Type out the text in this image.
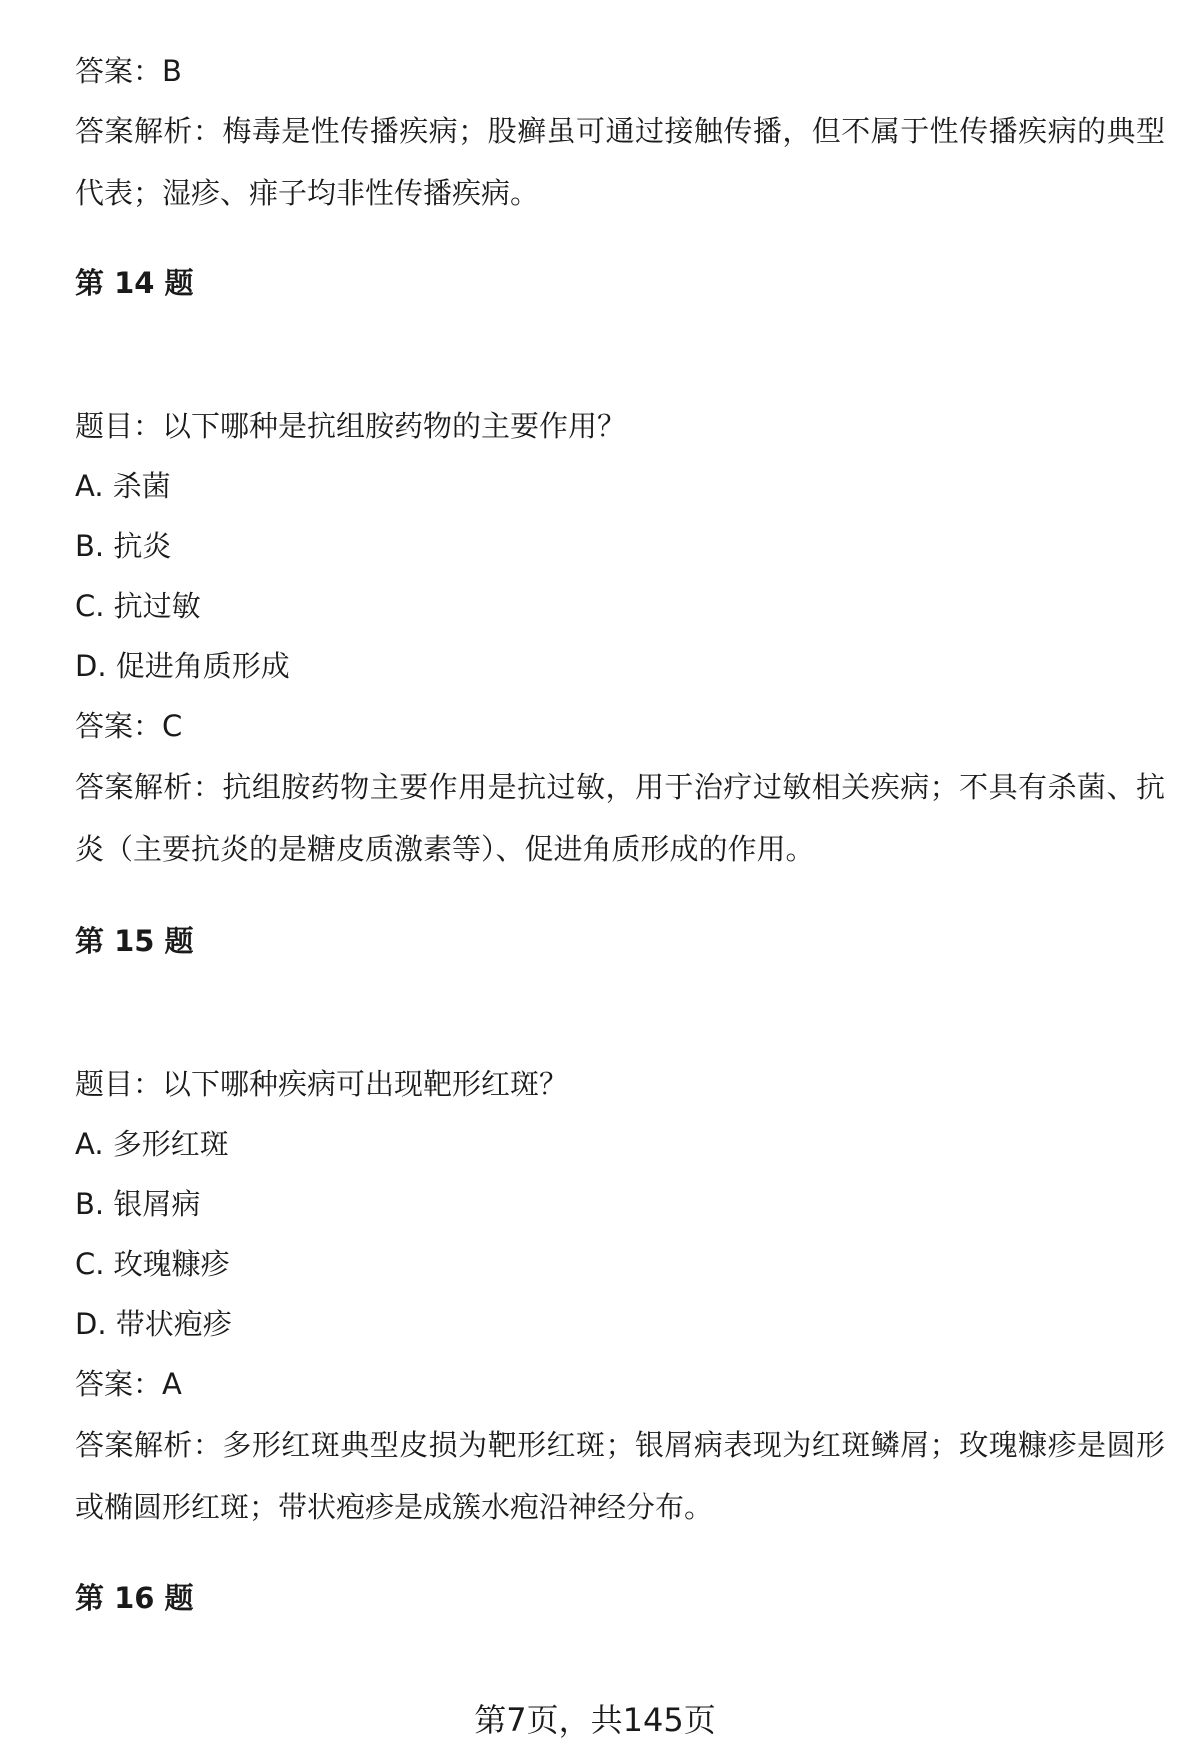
答案：B
答案解析：梅毒是性传播疾病；股癣虽可通过接触传播，但不属于性传播疾病的典型代表；湿疹、痱子均非性传播疾病。
第 14 题
题目：以下哪种是抗组胺药物的主要作用？
A. 杀菌
B. 抗炎
C. 抗过敏
D. 促进角质形成
答案：C
答案解析：抗组胺药物主要作用是抗过敏，用于治疗过敏相关疾病；不具有杀菌、抗炎（主要抗炎的是糖皮质激素等）、促进角质形成的作用。
第 15 题
题目：以下哪种疾病可出现靶形红斑？
A. 多形红斑
B. 银屑病
C. 玫瑰糠疹
D. 带状疱疹
答案：A
答案解析：多形红斑典型皮损为靶形红斑；银屑病表现为红斑鳞屑；玫瑰糠疹是圆形或椭圆形红斑；带状疱疹是成簇水疱沿神经分布。
第 16 题
第7页，共145页
